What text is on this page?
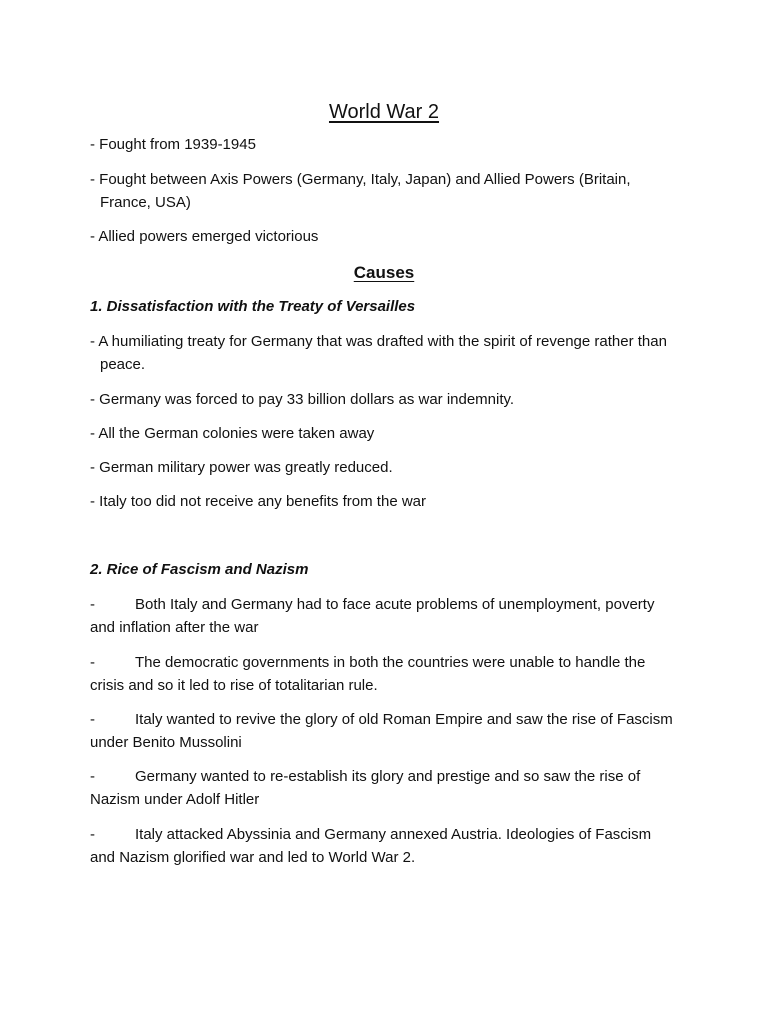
World War 2
- Fought from 1939-1945
- Fought between Axis Powers (Germany, Italy, Japan) and Allied Powers (Britain, France, USA)
- Allied powers emerged victorious
Causes
1. Dissatisfaction with the Treaty of Versailles
- A humiliating treaty for Germany that was drafted with the spirit of revenge rather than peace.
- Germany was forced to pay 33 billion dollars as war indemnity.
- All the German colonies were taken away
- German military power was greatly reduced.
- Italy too did not receive any benefits from the war
2. Rice of Fascism and Nazism
-	Both Italy and Germany had to face acute problems of unemployment, poverty and inflation after the war
-	The democratic governments in both the countries were unable to handle the crisis and so it led to rise of totalitarian rule.
-	Italy wanted to revive the glory of old Roman Empire and saw the rise of Fascism under Benito Mussolini
-	Germany wanted to re-establish its glory and prestige and so saw the rise of Nazism under Adolf Hitler
-	Italy attacked Abyssinia and Germany annexed Austria. Ideologies of Fascism and Nazism glorified war and led to World War 2.
